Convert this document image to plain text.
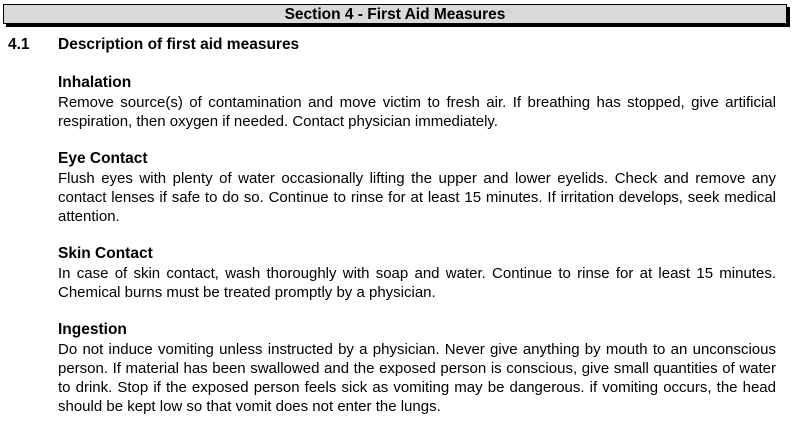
Section 4 - First Aid Measures
4.1 Description of first aid measures

Inhalation

Remove source(s) of contamination and move victim to fresh air. If breathing has stopped, give artificial respiration, then oxygen if needed. Contact physician immediately.

Eye Contact

Flush eyes with plenty of water occasionally lifting the upper and lower eyelids. Check and remove any contact lenses if safe to do so. Continue to rinse for at least 15 minutes. If irritation develops, seek medical attention.

Skin Contact

In case of skin contact, wash thoroughly with soap and water. Continue to rinse for at least 15 minutes. Chemical burns must be treated promptly by a physician.

Ingestion

Do not induce vomiting unless instructed by a physician. Never give anything by mouth to an unconscious person. If material has been swallowed and the exposed person is conscious, give small quantities of water to drink. Stop if the exposed person feels sick as vomiting may be dangerous. if vomiting occurs, the head should be kept low so that vomit does not enter the lungs.
